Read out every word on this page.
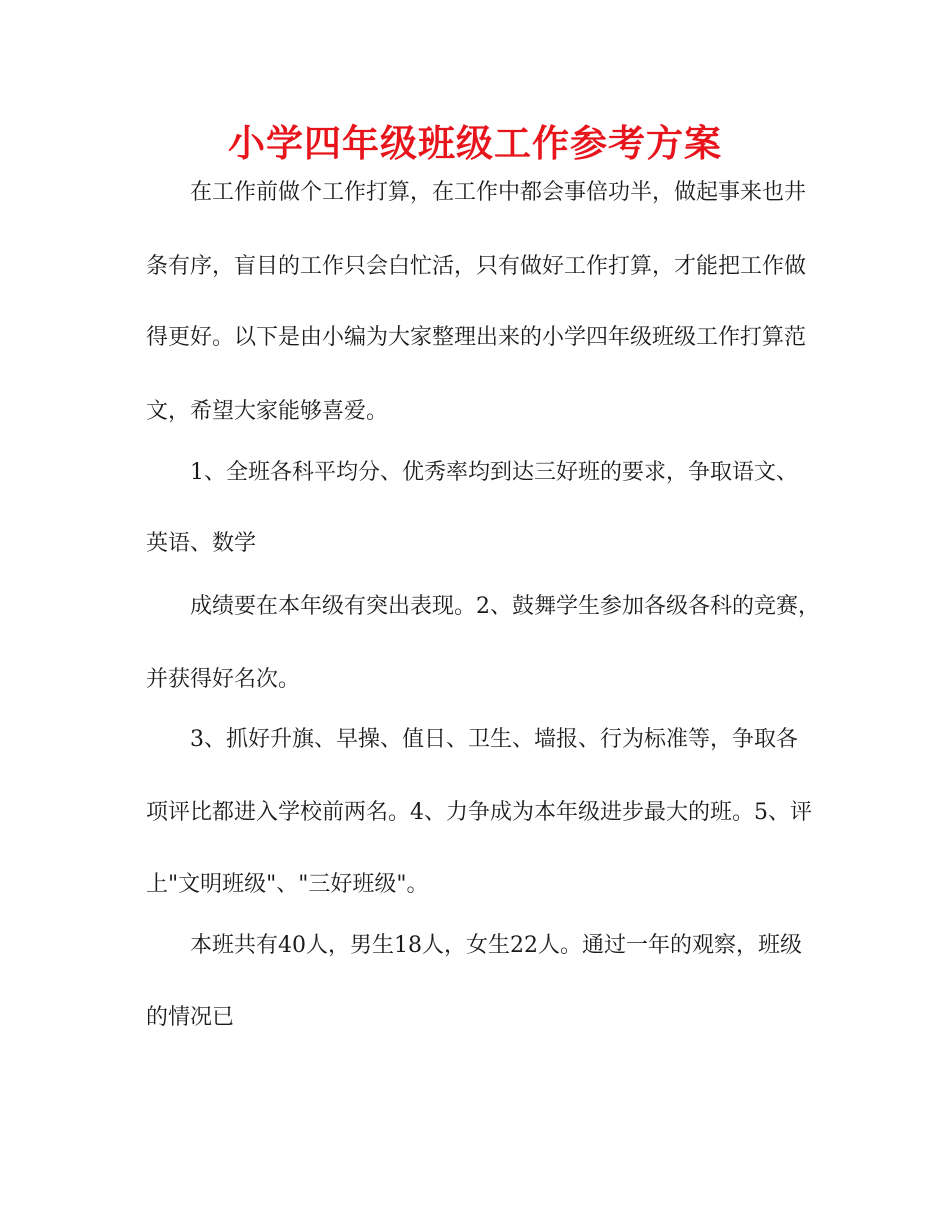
小学四年级班级工作参考方案

在工作前做个工作打算，在工作中都会事倍功半，做起事来也井

条有序，盲目的工作只会白忙活，只有做好工作打算，才能把工作做

得更好。以下是由小编为大家整理出来的小学四年级班级工作打算范

文，希望大家能够喜爱。

1、全班各科平均分、优秀率均到达三好班的要求，争取语文、

英语、数学

成绩要在本年级有突出表现。2、鼓舞学生参加各级各科的竞赛，

并获得好名次。

3、抓好升旗、早操、值日、卫生、墙报、行为标准等，争取各

项评比都进入学校前两名。4、力争成为本年级进步最大的班。5、评

上"文明班级"、"三好班级"。

本班共有40人，男生18人，女生22人。通过一年的观察，班级

的情况已
